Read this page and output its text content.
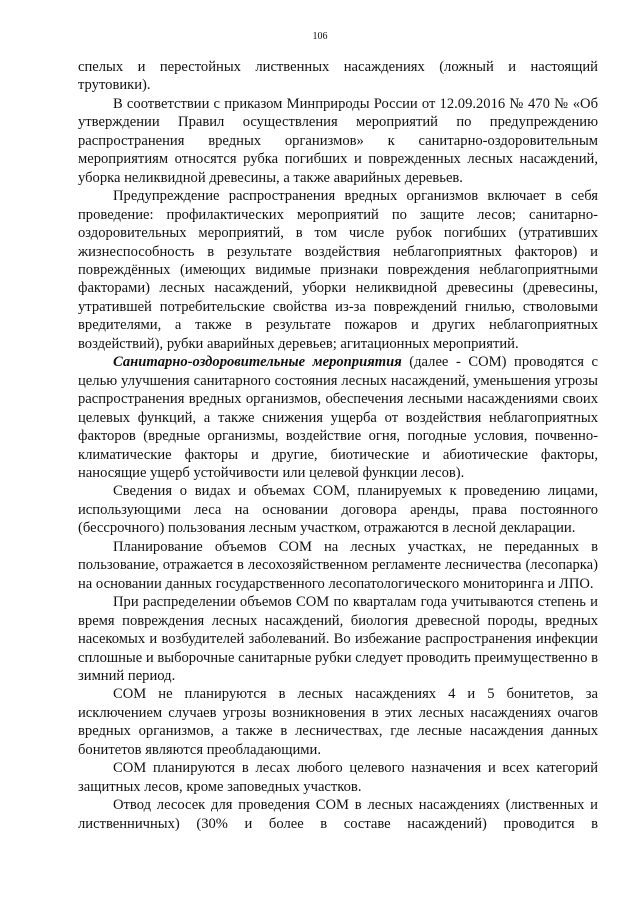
106

спелых и перестойных лиственных насаждениях (ложный и настоящий трутовики).

В соответствии с приказом Минприроды России от 12.09.2016 № 470 № «Об утверждении Правил осуществления мероприятий по предупреждению распространения вредных организмов» к санитарно-оздоровительным мероприятиям относятся рубка погибших и поврежденных лесных насаждений, уборка неликвидной древесины, а также аварийных деревьев.

Предупреждение распространения вредных организмов включает в себя проведение: профилактических мероприятий по защите лесов; санитарно-оздоровительных мероприятий, в том числе рубок погибших (утративших жизнеспособность в результате воздействия неблагоприятных факторов) и повреждённых (имеющих видимые признаки повреждения неблагоприятными факторами) лесных насаждений, уборки неликвидной древесины (древесины, утратившей потребительские свойства из-за повреждений гнилью, стволовыми вредителями, а также в результате пожаров и других неблагоприятных воздействий), рубки аварийных деревьев; агитационных мероприятий.

Санитарно-оздоровительные мероприятия (далее - СОМ) проводятся с целью улучшения санитарного состояния лесных насаждений, уменьшения угрозы распространения вредных организмов, обеспечения лесными насаждениями своих целевых функций, а также снижения ущерба от воздействия неблагоприятных факторов (вредные организмы, воздействие огня, погодные условия, почвенно-климатические факторы и другие, биотические и абиотические факторы, наносящие ущерб устойчивости или целевой функции лесов).

Сведения о видах и объемах СОМ, планируемых к проведению лицами, использующими леса на основании договора аренды, права постоянного (бессрочного) пользования лесным участком, отражаются в лесной декларации.

Планирование объемов СОМ на лесных участках, не переданных в пользование, отражается в лесохозяйственном регламенте лесничества (лесопарка) на основании данных государственного лесопатологического мониторинга и ЛПО.

При распределении объемов СОМ по кварталам года учитываются степень и время повреждения лесных насаждений, биология древесной породы, вредных насекомых и возбудителей заболеваний. Во избежание распространения инфекции сплошные и выборочные санитарные рубки следует проводить преимущественно в зимний период.

СОМ не планируются в лесных насаждениях 4 и 5 бонитетов, за исключением случаев угрозы возникновения в этих лесных насаждениях очагов вредных организмов, а также в лесничествах, где лесные насаждения данных бонитетов являются преобладающими.

СОМ планируются в лесах любого целевого назначения и всех категорий защитных лесов, кроме заповедных участков.

Отвод лесосек для проведения СОМ в лесных насаждениях (лиственных и лиственничных) (30% и более в составе насаждений) проводится в
